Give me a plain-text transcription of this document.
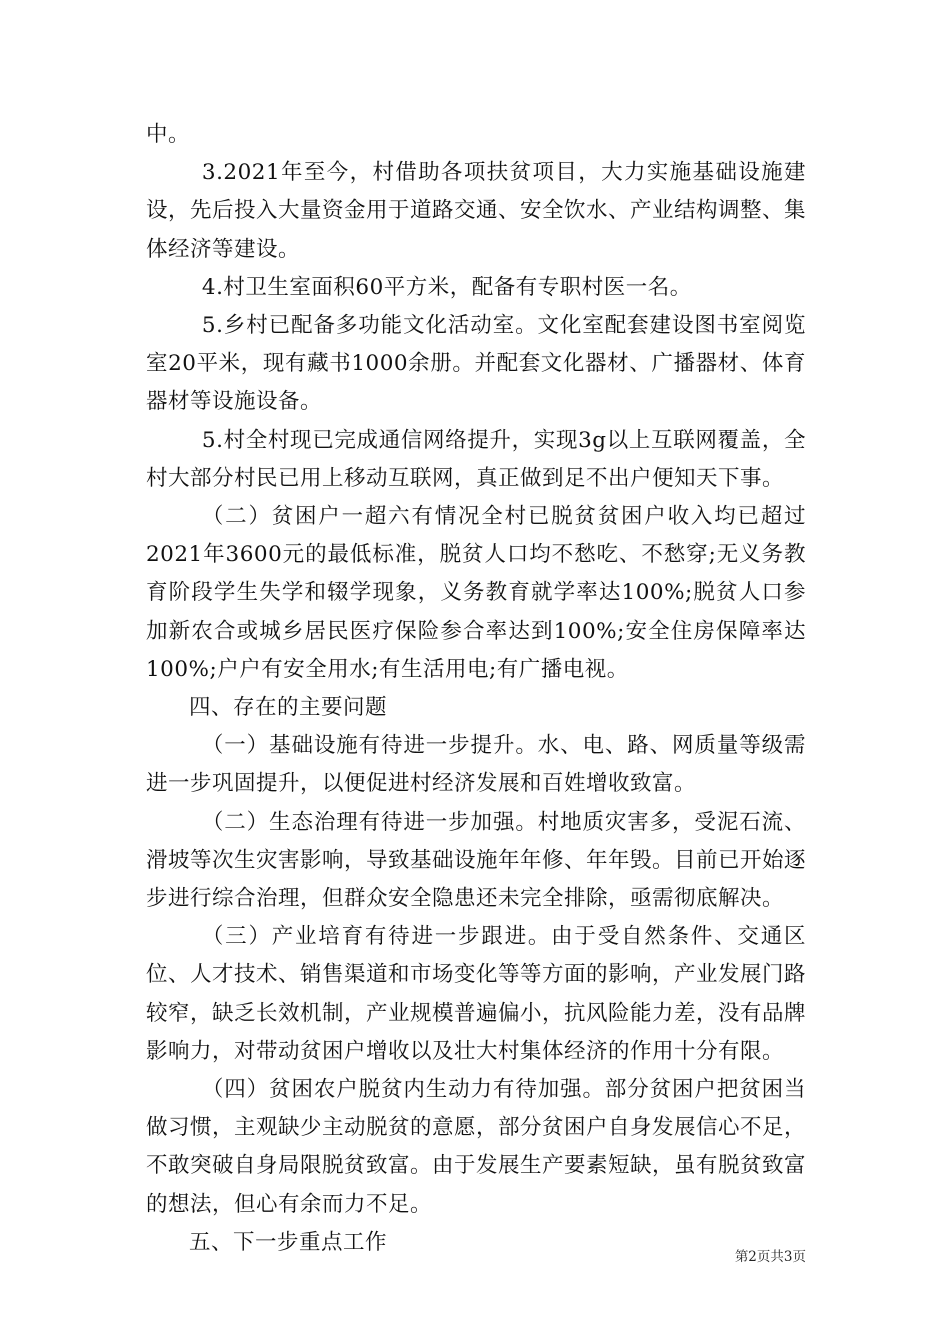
中。

3.2021年至今，村借助各项扶贫项目，大力实施基础设施建设，先后投入大量资金用于道路交通、安全饮水、产业结构调整、集体经济等建设。

4.村卫生室面积60平方米，配备有专职村医一名。

5.乡村已配备多功能文化活动室。文化室配套建设图书室阅览室20平米，现有藏书1000余册。并配套文化器材、广播器材、体育器材等设施设备。

5.村全村现已完成通信网络提升，实现3g以上互联网覆盖，全村大部分村民已用上移动互联网，真正做到足不出户便知天下事。

（二）贫困户一超六有情况全村已脱贫贫困户收入均已超过2021年3600元的最低标准，脱贫人口均不愁吃、不愁穿;无义务教育阶段学生失学和辍学现象，义务教育就学率达100%;脱贫人口参加新农合或城乡居民医疗保险参合率达到100%;安全住房保障率达100%;户户有安全用水;有生活用电;有广播电视。

四、存在的主要问题

（一）基础设施有待进一步提升。水、电、路、网质量等级需进一步巩固提升，以便促进村经济发展和百姓增收致富。

（二）生态治理有待进一步加强。村地质灾害多，受泥石流、滑坡等次生灾害影响，导致基础设施年年修、年年毁。目前已开始逐步进行综合治理，但群众安全隐患还未完全排除，亟需彻底解决。

（三）产业培育有待进一步跟进。由于受自然条件、交通区位、人才技术、销售渠道和市场变化等等方面的影响，产业发展门路较窄，缺乏长效机制，产业规模普遍偏小，抗风险能力差，没有品牌影响力，对带动贫困户增收以及壮大村集体经济的作用十分有限。

（四）贫困农户脱贫内生动力有待加强。部分贫困户把贫困当做习惯，主观缺少主动脱贫的意愿，部分贫困户自身发展信心不足，不敢突破自身局限脱贫致富。由于发展生产要素短缺，虽有脱贫致富的想法，但心有余而力不足。

五、下一步重点工作

第2页共3页
